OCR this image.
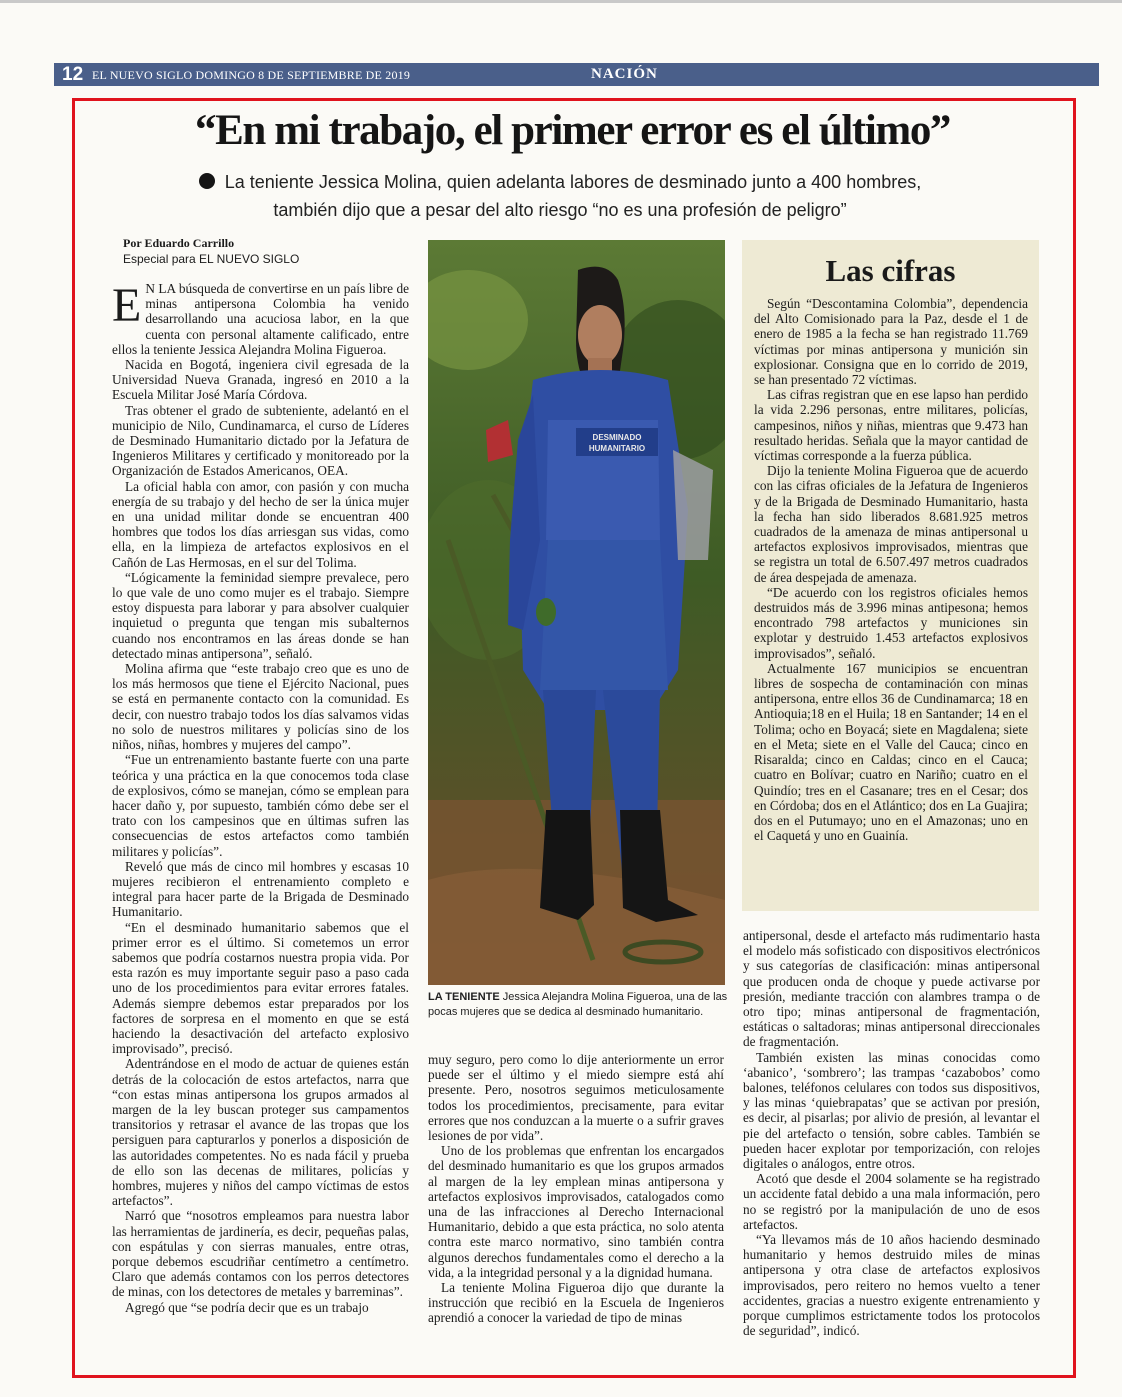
12 EL NUEVO SIGLO DOMINGO 8 DE SEPTIEMBRE DE 2019	NACIÓN
“En mi trabajo, el primer error es el último”
La teniente Jessica Molina, quien adelanta labores de desminado junto a 400 hombres,
también dijo que a pesar del alto riesgo “no es una profesión de peligro”
Por Eduardo Carrillo
Especial para EL NUEVO SIGLO

E N LA búsqueda de convertirse en un país libre de minas antipersona Colombia ha venido desarrollando una acuciosa labor, en la que cuenta con personal altamente calificado, entre ellos la teniente Jessica Alejandra Molina Figueroa.

Nacida en Bogotá, ingeniera civil egresada de la Universidad Nueva Granada, ingresó en 2010 a la Escuela Militar José María Córdova.

Tras obtener el grado de subteniente, adelantó en el municipio de Nilo, Cundinamarca, el curso de Líderes de Desminado Humanitario dictado por la Jefatura de Ingenieros Militares y certificado y monitoreado por la Organización de Estados Americanos, OEA.

La oficial habla con amor, con pasión y con mucha energía de su trabajo y del hecho de ser la única mujer en una unidad militar donde se encuentran 400 hombres que todos los días arriesgan sus vidas, como ella, en la limpieza de artefactos explosivos en el Cañón de Las Hermosas, en el sur del Tolima.

“Lógicamente la feminidad siempre prevalece, pero lo que vale de uno como mujer es el trabajo. Siempre estoy dispuesta para laborar y para absolver cualquier inquietud o pregunta que tengan mis subalternos cuando nos encontramos en las áreas donde se han detectado minas antipersona”, señaló.

Molina afirma que “este trabajo creo que es uno de los más hermosos que tiene el Ejército Nacional, pues se está en permanente contacto con la comunidad. Es decir, con nuestro trabajo todos los días salvamos vidas no solo de nuestros militares y policías sino de los niños, niñas, hombres y mujeres del campo”.

“Fue un entrenamiento bastante fuerte con una parte teórica y una práctica en la que conocemos toda clase de explosivos, cómo se manejan, cómo se emplean para hacer daño y, por supuesto, también cómo debe ser el trato con los campesinos que en últimas sufren las consecuencias de estos artefactos como también militares y policías”.

Reveló que más de cinco mil hombres y escasas 10 mujeres recibieron el entrenamiento completo e integral para hacer parte de la Brigada de Desminado Humanitario.

“En el desminado humanitario sabemos que el primer error es el último. Si cometemos un error sabemos que podría costarnos nuestra propia vida. Por esta razón es muy importante seguir paso a paso cada uno de los procedimientos para evitar errores fatales. Además siempre debemos estar preparados por los factores de sorpresa en el momento en que se está haciendo la desactivación del artefacto explosivo improvisado”, precisó.

Adentrándose en el modo de actuar de quienes están detrás de la colocación de estos artefactos, narra que “con estas minas antipersona los grupos armados al margen de la ley buscan proteger sus campamentos transitorios y retrasar el avance de las tropas que los persiguen para capturarlos y ponerlos a disposición de las autoridades competentes. No es nada fácil y prueba de ello son las decenas de militares, policías y hombres, mujeres y niños del campo víctimas de estos artefactos”.

Narró que “nosotros empleamos para nuestra labor las herramientas de jardinería, es decir, pequeñas palas, con espátulas y con sierras manuales, entre otras, porque debemos escudriñar centímetro a centímetro. Claro que además contamos con los perros detectores de minas, con los detectores de metales y barreminas”.

Agregó que “se podría decir que es un trabajo

DESMINADO
HUMANITARIO
LA TENIENTE Jessica Alejandra Molina Figueroa, una de las pocas mujeres que se dedica al desminado humanitario.
Las cifras

Según “Descontamina Colombia”, dependencia del Alto Comisionado para la Paz, desde el 1 de enero de 1985 a la fecha se han registrado 11.769 víctimas por minas antipersona y munición sin explosionar. Consigna que en lo corrido de 2019, se han presentado 72 víctimas.

Las cifras registran que en ese lapso han perdido la vida 2.296 personas, entre militares, policías, campesinos, niños y niñas, mientras que 9.473 han resultado heridas. Señala que la mayor cantidad de víctimas corresponde a la fuerza pública.

Dijo la teniente Molina Figueroa que de acuerdo con las cifras oficiales de la Jefatura de Ingenieros y de la Brigada de Desminado Humanitario, hasta la fecha han sido liberados 8.681.925 metros cuadrados de la amenaza de minas antipersonal u artefactos explosivos improvisados, mientras que se registra un total de 6.507.497 metros cuadrados de área despejada de amenaza.

“De acuerdo con los registros oficiales hemos destruidos más de 3.996 minas antipesona; hemos encontrado 798 artefactos y municiones sin explotar y destruido 1.453 artefactos explosivos improvisados”, señaló.

Actualmente 167 municipios se encuentran libres de sospecha de contaminación con minas antipersona, entre ellos 36 de Cundinamarca; 18 en Antioquia;18 en el Huila; 18 en Santander; 14 en el Tolima; ocho en Boyacá; siete en Magdalena; siete en el Meta; siete en el Valle del Cauca; cinco en Risaralda; cinco en Caldas; cinco en el Cauca; cuatro en Bolívar; cuatro en Nariño; cuatro en el Quindío; tres en el Casanare; tres en el Cesar; dos en Córdoba; dos en el Atlántico; dos en La Guajira; dos en el Putumayo; uno en el Amazonas; uno en el Caquetá y uno en Guainía.

muy seguro, pero como lo dije anteriormente un error puede ser el último y el miedo siempre está ahí presente. Pero, nosotros seguimos meticulosamente todos los procedimientos, precisamente, para evitar errores que nos conduzcan a la muerte o a sufrir graves lesiones de por vida”.

Uno de los problemas que enfrentan los encargados del desminado humanitario es que los grupos armados al margen de la ley emplean minas antipersona y artefactos explosivos improvisados, catalogados como una de las infracciones al Derecho Internacional Humanitario, debido a que esta práctica, no solo atenta contra este marco normativo, sino también contra algunos derechos fundamentales como el derecho a la vida, a la integridad personal y a la dignidad humana.

La teniente Molina Figueroa dijo que durante la instrucción que recibió en la Escuela de Ingenieros aprendió a conocer la variedad de tipo de minas

antipersonal, desde el artefacto más rudimentario hasta el modelo más sofisticado con dispositivos electrónicos y sus categorías de clasificación: minas antipersonal que producen onda de choque y puede activarse por presión, mediante tracción con alambres trampa o de otro tipo; minas antipersonal de fragmentación, estáticas o saltadoras; minas antipersonal direccionales de fragmentación.

También existen las minas conocidas como ‘abanico’, ‘sombrero’; las trampas ‘cazabobos’ como balones, teléfonos celulares con todos sus dispositivos, y las minas ‘quiebrapatas’ que se activan por presión, es decir, al pisarlas; por alivio de presión, al levantar el pie del artefacto o tensión, sobre cables. También se pueden hacer explotar por temporización, con relojes digitales o análogos, entre otros.

Acotó que desde el 2004 solamente se ha registrado un accidente fatal debido a una mala información, pero no se registró por la manipulación de uno de esos artefactos.

“Ya llevamos más de 10 años haciendo desminado humanitario y hemos destruido miles de minas antipersona y otra clase de artefactos explosivos improvisados, pero reitero no hemos vuelto a tener accidentes, gracias a nuestro exigente entrenamiento y porque cumplimos estrictamente todos los protocolos de seguridad”, indicó.
